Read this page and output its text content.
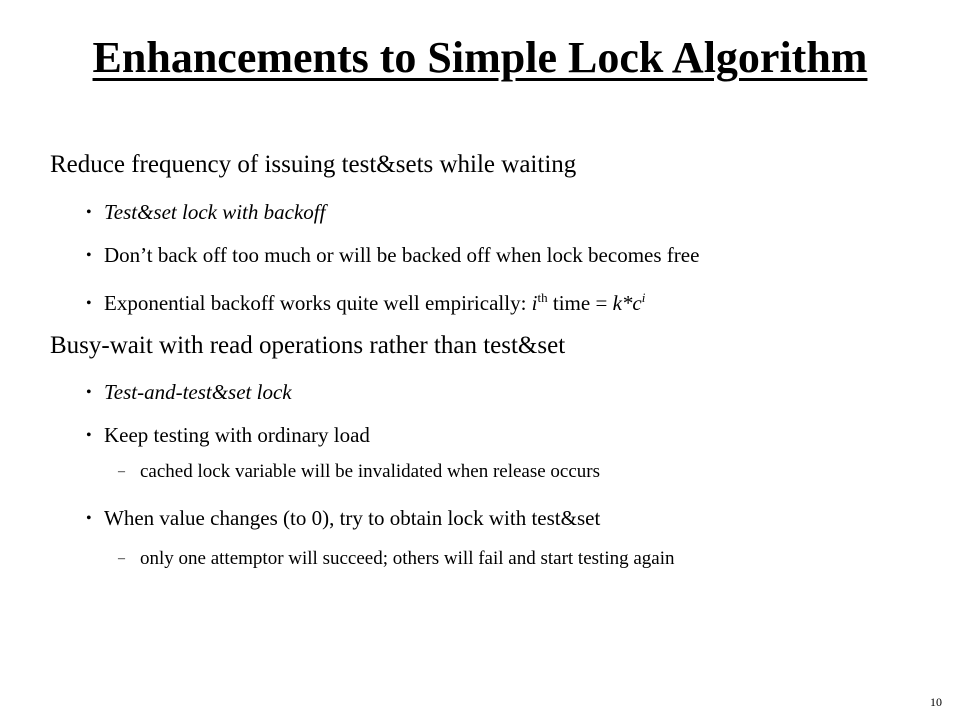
Enhancements to Simple Lock Algorithm
Reduce frequency of issuing test&sets while waiting
• Test&set lock with backoff
• Don’t back off too much or will be backed off when lock becomes free
• Exponential backoff works quite well empirically: $i^{th}$ time = $k*c^i$
Busy-wait with read operations rather than test&set
• Test-and-test&set lock
• Keep testing with ordinary load
– cached lock variable will be invalidated when release occurs
• When value changes (to 0), try to obtain lock with test&set
– only one attemptor will succeed; others will fail and start testing again
10
